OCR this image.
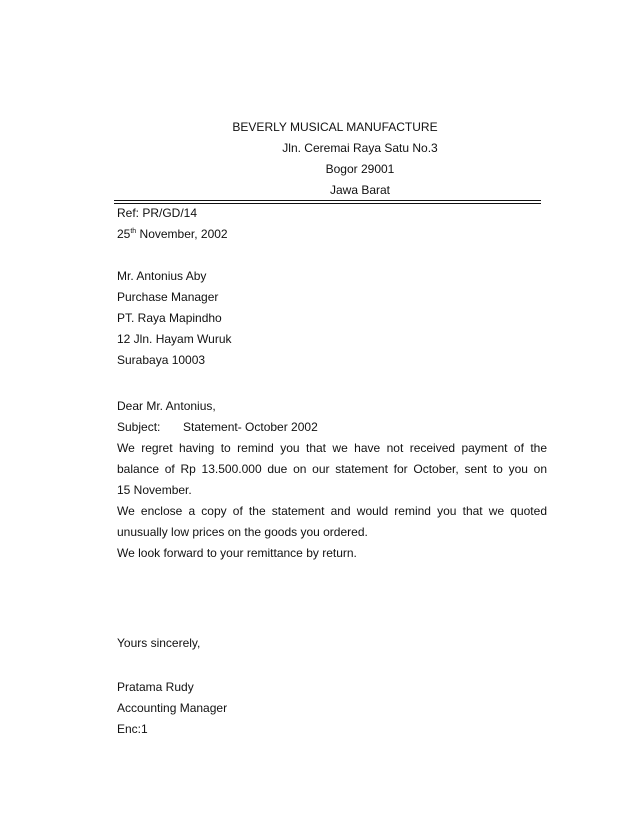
BEVERLY MUSICAL MANUFACTURE
Jln. Ceremai Raya Satu No.3
Bogor 29001
Jawa Barat
Ref: PR/GD/14
25th November, 2002
Mr. Antonius Aby
Purchase Manager
PT. Raya Mapindho
12 Jln. Hayam Wuruk
Surabaya 10003
Dear Mr. Antonius,
Subject: Statement- October 2002
We regret having to remind you that we have not received payment of the
balance of Rp 13.500.000 due on our statement for October, sent to you on
15 November.
We enclose a copy of the statement and would remind you that we quoted
unusually low prices on the goods you ordered.
We look forward to your remittance by return.
Yours sincerely,
Pratama Rudy
Accounting Manager
Enc:1
